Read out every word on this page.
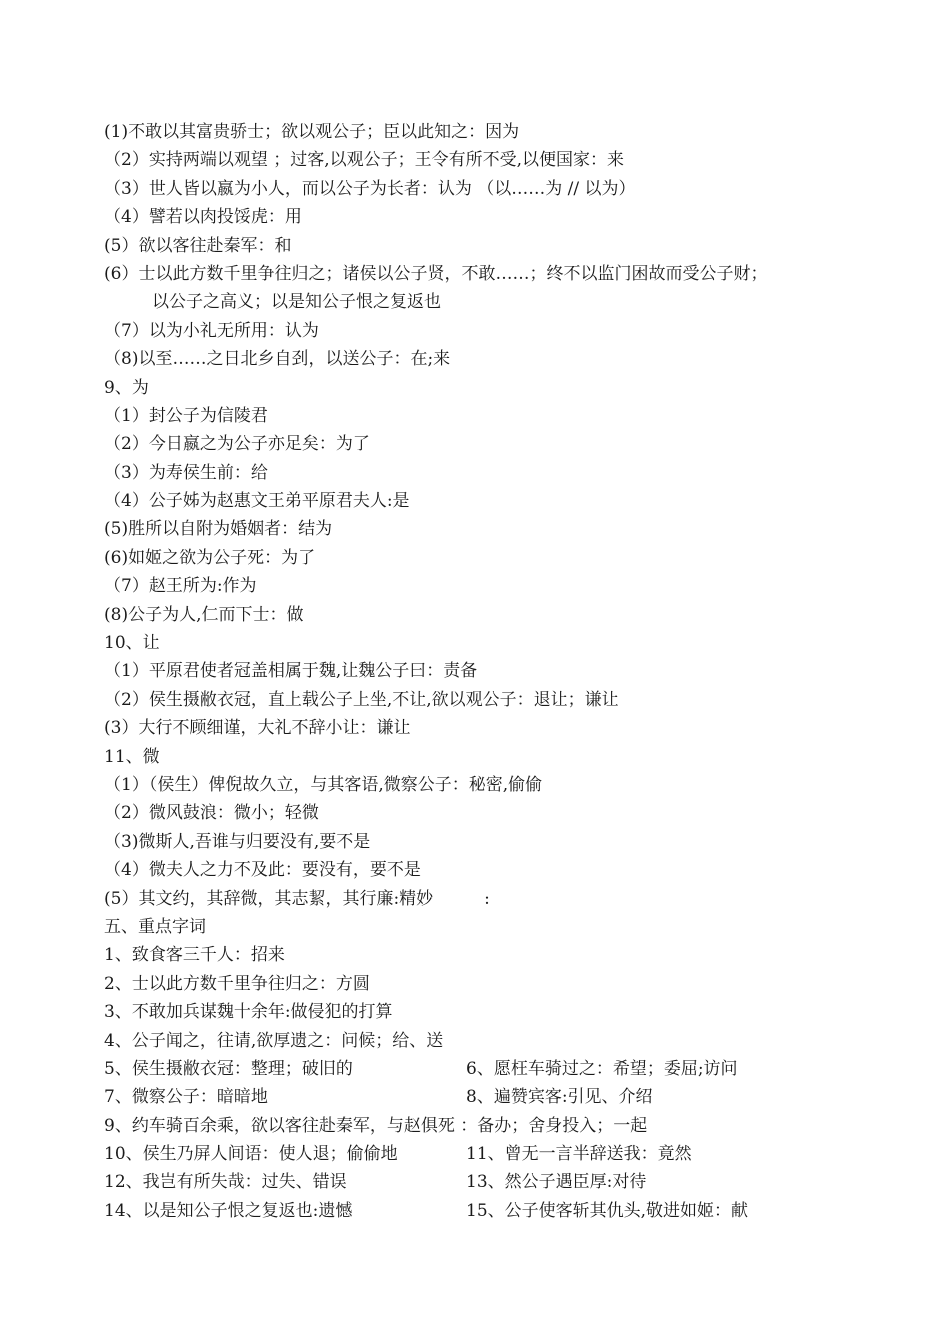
(1)不敢以其富贵骄士；欲以观公子；臣以此知之：因为
（2）实持两端以观望 ；过客,以观公子；王令有所不受,以便国家：来
（3）世人皆以嬴为小人，而以公子为长者：认为 （以……为 // 以为）
（4）譬若以肉投馁虎：用
(5）欲以客往赴秦军：和
(6）士以此方数千里争往归之；诸侯以公子贤，不敢……；终不以监门困故而受公子财；
以公子之高义；以是知公子恨之复返也
（7）以为小礼无所用：认为
（8)以至……之日北乡自刭，以送公子：在;来
9、为
（1）封公子为信陵君
（2）今日嬴之为公子亦足矣：为了
（3）为寿侯生前：给
（4）公子姊为赵惠文王弟平原君夫人:是
(5)胜所以自附为婚姻者：结为
(6)如姬之欲为公子死：为了
（7）赵王所为:作为
(8)公子为人,仁而下士：做
10、让
（1）平原君使者冠盖相属于魏,让魏公子曰：责备
（2）侯生摄敝衣冠，直上载公子上坐,不让,欲以观公子：退让；谦让
(3）大行不顾细谨，大礼不辞小让：谦让
11、微
（1）（侯生）俾倪故久立，与其客语,微察公子：秘密,偷偷
（2）微风鼓浪：微小；轻微
（3)微斯人,吾谁与归要没有,要不是
（4）微夫人之力不及此：要没有，要不是
(5）其文约，其辞微，其志絜，其行廉:精妙　　　:
五、重点字词
1、致食客三千人：招来
2、士以此方数千里争往归之：方圆
3、不敢加兵谋魏十余年:做侵犯的打算
4、公子闻之，往请,欲厚遗之：问候；给、送
5、侯生摄敝衣冠：整理；破旧的	6、愿枉车骑过之：希望；委屈;访问
7、微察公子：暗暗地	8、遍赞宾客:引见、介绍
9、约车骑百余乘，欲以客往赴秦军，与赵俱死 ：备办；舍身投入；一起
10、侯生乃屏人间语：使人退；偷偷地	11、曾无一言半辞送我：竟然
12、我岂有所失哉：过失、错误	13、然公子遇臣厚:对待
14、以是知公子恨之复返也:遗憾	15、公子使客斩其仇头,敬进如姬：献
